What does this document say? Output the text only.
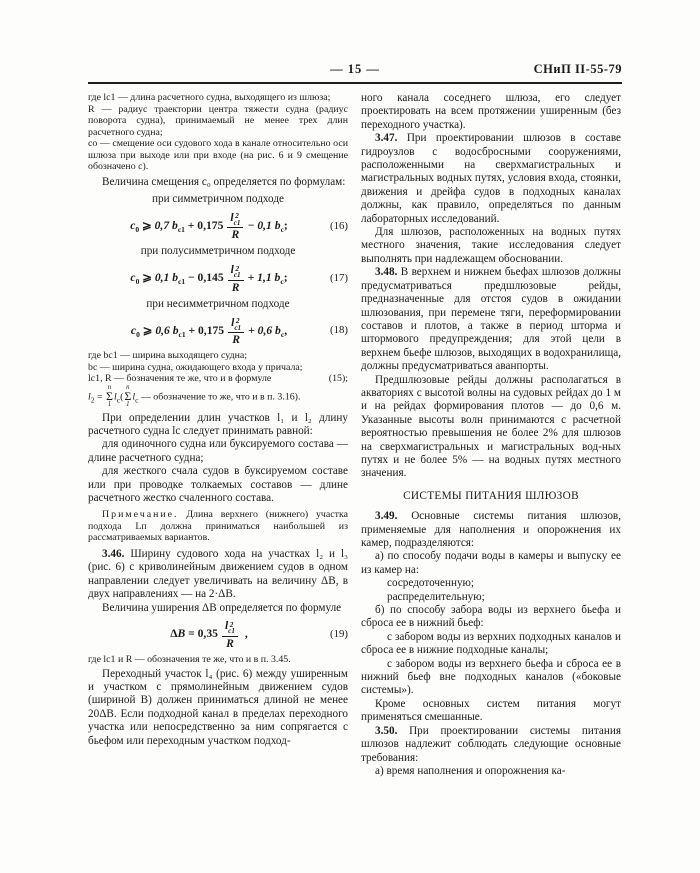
— 15 —	СНиП II-55-79

где lс1 — длина расчетного судна, выходящего из шлюза;

R — радиус траектории центра тяжести судна (радиус поворота судна), принимаемый не менее трех длин расчетного судна;

со — смещение оси судового хода в канале относительно оси шлюза при выходе или при входе (на рис. 6 и 9 смещение обозначено с).

Величина смещения с₀ определяется по формулам:

при симметричном подходе

$c_0$ ⩾ 0,7 $b_{с1} + 0,175$ l 2
с1
R − 0,1 $b_с$;	(16)

при полусимметричном подходе

$c_0$ ⩾ 0,1 $b_{с1} - 0,145$ l 2
с1
R + 1,1 $b_с$;	(17)

при несимметричном подходе

$c_0$ ⩾ 0,6 $b_{с1} + 0,175$ l 2
с1
R + 0,6 $b_с$,	(18)

где bс1 — ширина выходящего судна;

bс — ширина судна, ожидающего входа у причала;

lс1, R — бозначения те же, что и в формуле	(15);

$l_2$ =
n
Σ
1
$l_с$(
n
Σ
1
$l_с$ — обозначение то же, что и в п. 3.16).

При определении длин участков l₁ и l₂ длину расчетного судна lс следует принимать равной:

для одиночного судна или буксируемого состава — длине расчетного судна;

для жесткого счала судов в буксируемом составе или при проводке толкаемых составов — длине расчетного жестко счаленного состава.

Примечание. Длина верхнего (нижнего) участка подхода Lп должна приниматься наибольшей из рассматриваемых вариантов.

3.46. Ширину судового хода на участках l₂ и l₃ (рис. 6) с криволинейным движением судов в одном направлении следует увеличивать на величину ΔB, в двух направлениях — на 2·ΔB.

Величина уширения ΔB определяется по формуле

ΔB = 0,35 l 2
с1
R ,	(19)

где lс1 и R — обозначения те же, что и в п. 3.45.

Переходный участок l₄ (рис. 6) между уширенным и участком с прямолинейным движением судов (шириной B) должен приниматься длиной не менее 20ΔB. Если подходной канал в пределах переходного участка или непосредственно за ним сопрягается с бьефом или переходным участком подход-

ного канала соседнего шлюза, его следует проектировать на всем протяжении уширенным (без переходного участка).

3.47. При проектировании шлюзов в составе гидроузлов с водосбросными сооружениями, расположенными на сверхмагистральных и магистральных водных путях, условия входа, стоянки, движения и дрейфа судов в подходных каналах должны, как правило, определяться по данным лабораторных исследований.

Для шлюзов, расположенных на водных путях местного значения, такие исследования следует выполнять при надлежащем обосновании.

3.48. В верхнем и нижнем бьефах шлюзов должны предусматриваться предшлюзовые рейды, предназначенные для отстоя судов в ожидании шлюзования, при перемене тяги, переформировании составов и плотов, а также в период шторма и штормового предупреждения; для этой цели в верхнем бьефе шлюзов, выходящих в водохранилища, должны предусматриваться аванпорты.

Предшлюзовые рейды должны располагаться в акваториях с высотой волны на судовых рейдах до 1 м и на рейдах формирования плотов — до 0,6 м. Указанные высоты волн принимаются с расчетной вероятностью превышения не более 2% для шлюзов на сверхмагистральных и магистральных вод-ных путях и не более 5% — на водных путях местного значения.

СИСТЕМЫ ПИТАНИЯ ШЛЮЗОВ

3.49. Основные системы питания шлюзов, применяемые для наполнения и опорожнения их камер, подразделяются:

а) по способу подачи воды в камеры и выпуску ее из камер на:

сосредоточенную;

распределительную;

б) по способу забора воды из верхнего бьефа и сброса ее в нижний бьеф:

с забором воды из верхних подходных каналов и сброса ее в нижние подходные каналы;

с забором воды из верхнего бьефа и сброса ее в нижний бьеф вне подходных каналов («боковые системы»).

Кроме основных систем питания могут применяться смешанные.

3.50. При проектировании системы питания шлюзов надлежит соблюдать следующие основные требования:

а) время наполнения и опорожнения ка-
